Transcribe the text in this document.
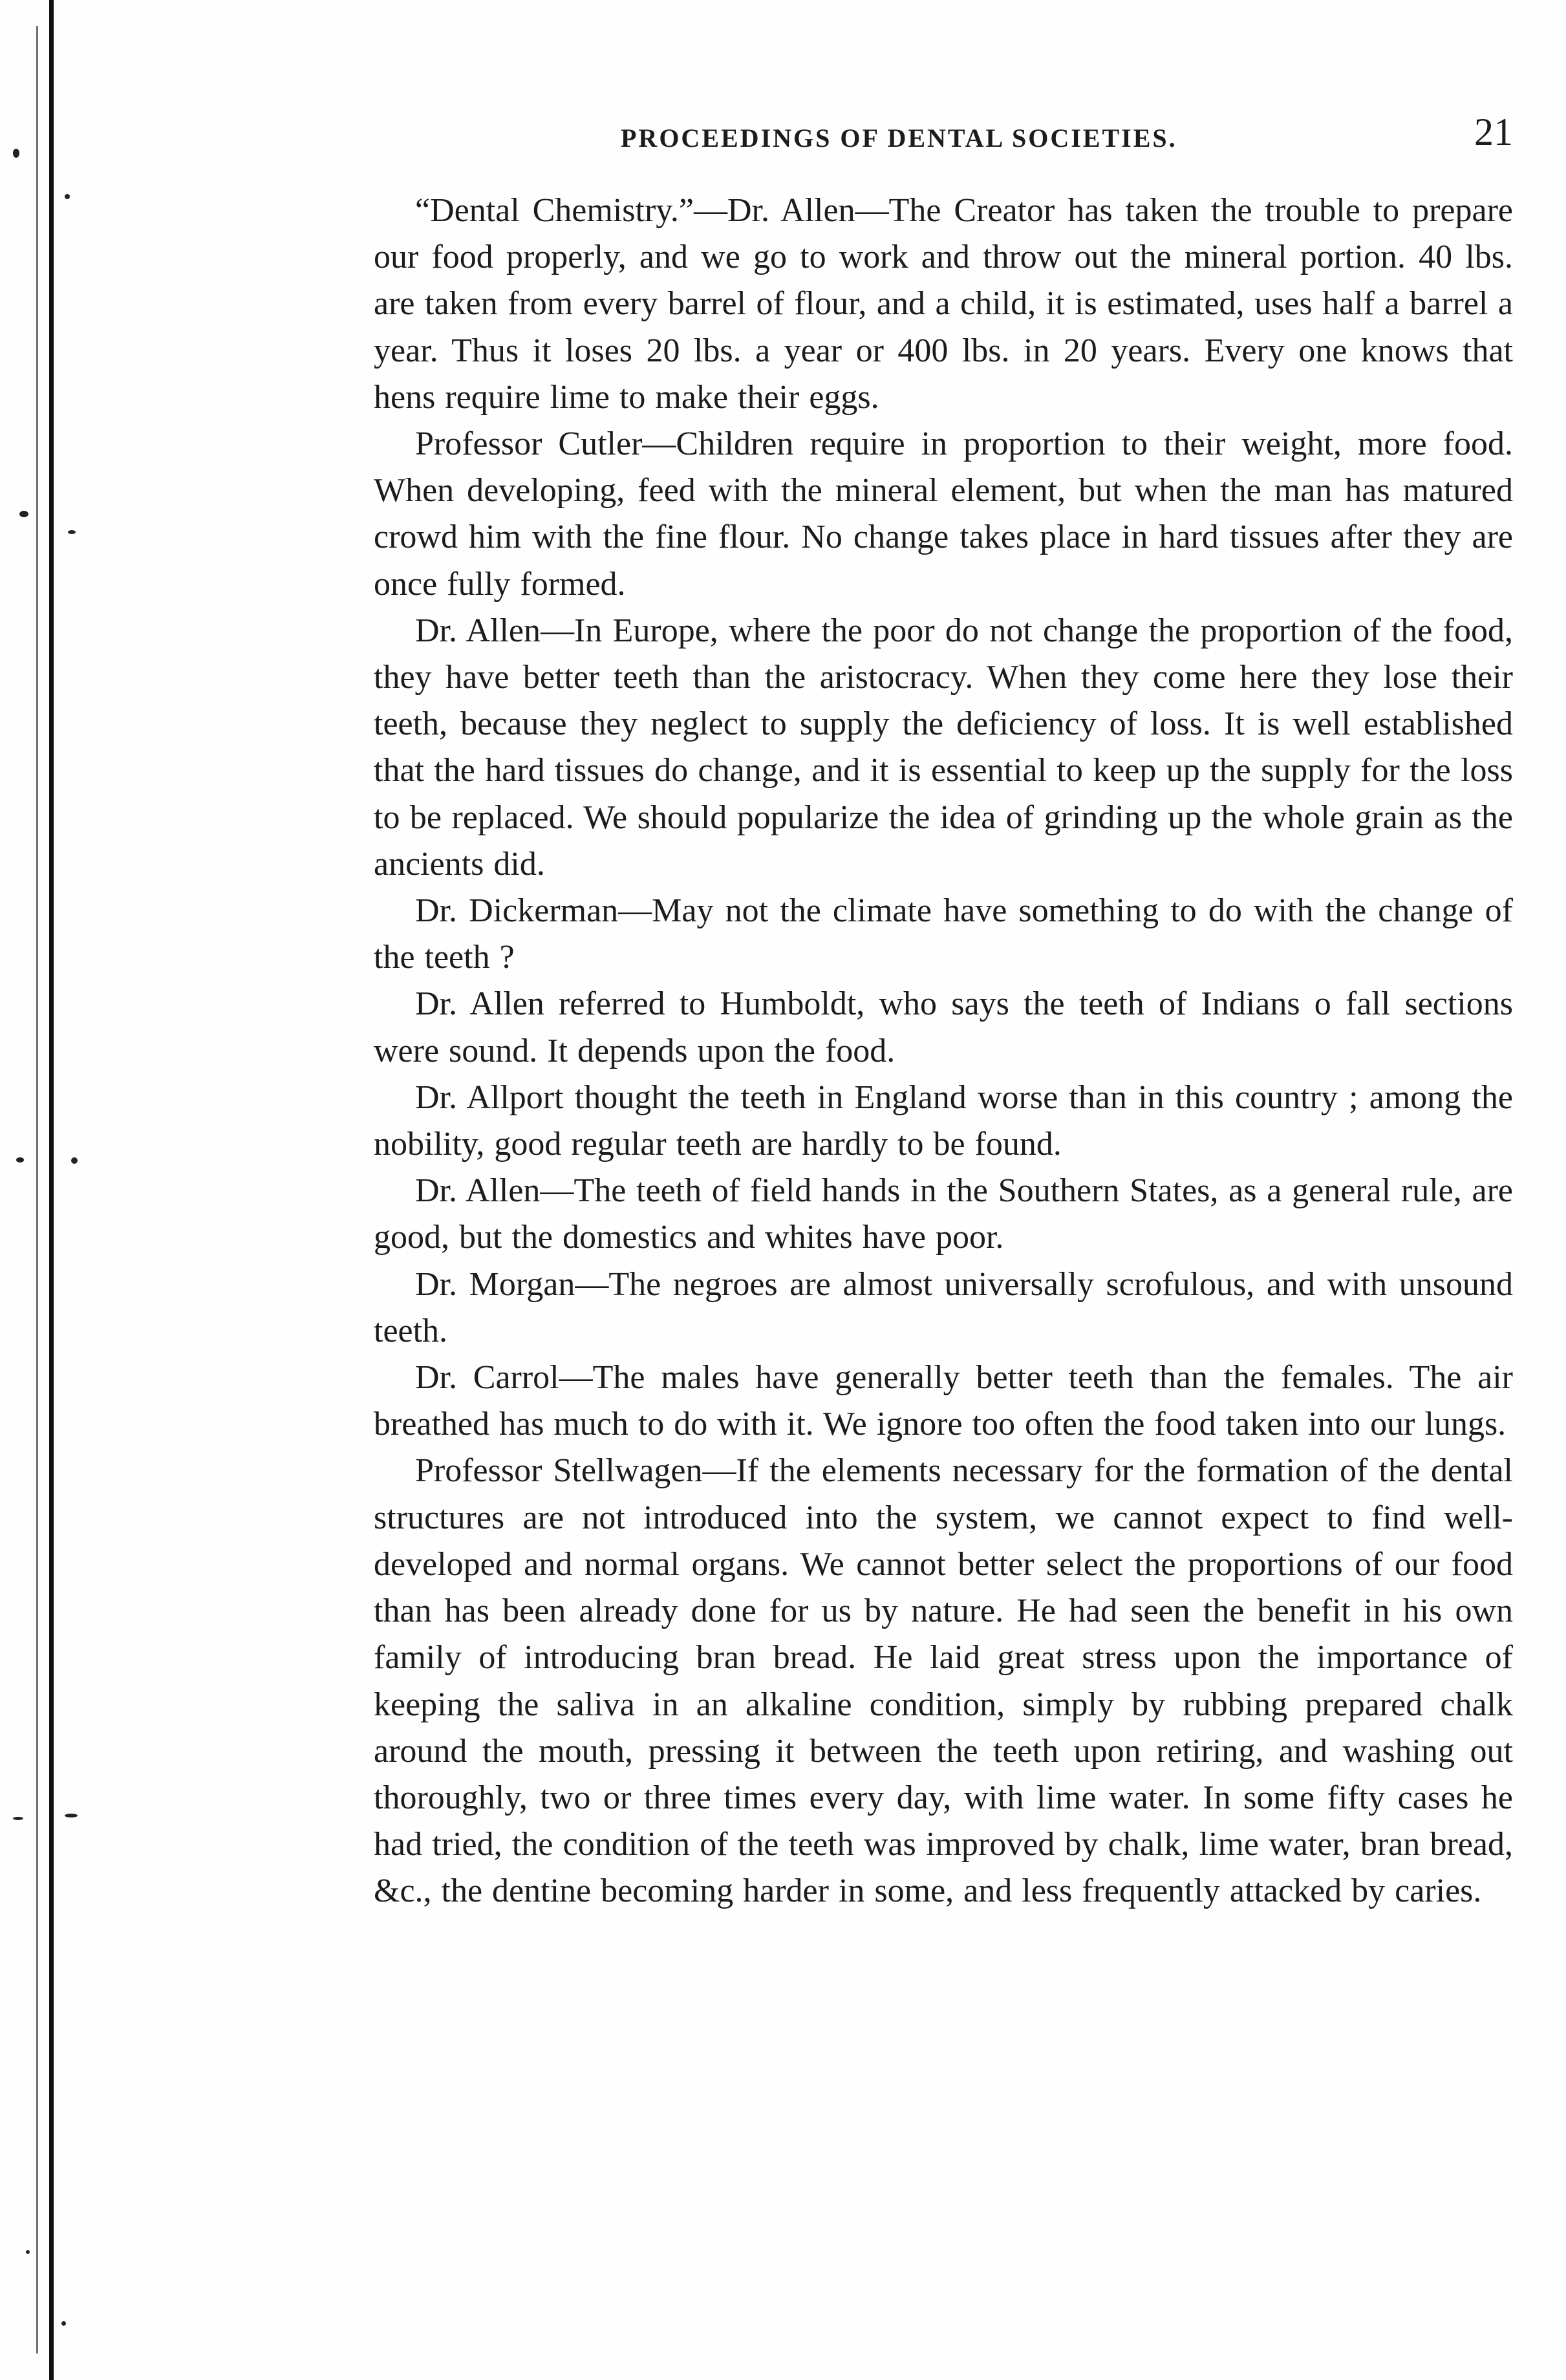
PROCEEDINGS OF DENTAL SOCIETIES.	21

“Dental Chemistry.”—Dr. Allen—The Creator has taken the trouble to prepare our food properly, and we go to work and throw out the mineral portion. 40 lbs. are taken from every barrel of flour, and a child, it is estimated, uses half a barrel a year. Thus it loses 20 lbs. a year or 400 lbs. in 20 years. Every one knows that hens require lime to make their eggs.

Professor Cutler—Children require in proportion to their weight, more food. When developing, feed with the mineral element, but when the man has matured crowd him with the fine flour. No change takes place in hard tissues after they are once fully formed.

Dr. Allen—In Europe, where the poor do not change the proportion of the food, they have better teeth than the aristocracy. When they come here they lose their teeth, because they neglect to supply the deficiency of loss. It is well established that the hard tissues do change, and it is essential to keep up the supply for the loss to be replaced. We should popularize the idea of grinding up the whole grain as the ancients did.

Dr. Dickerman—May not the climate have something to do with the change of the teeth ?

Dr. Allen referred to Humboldt, who says the teeth of Indians o fall sections were sound. It depends upon the food.

Dr. Allport thought the teeth in England worse than in this country ; among the nobility, good regular teeth are hardly to be found.

Dr. Allen—The teeth of field hands in the Southern States, as a general rule, are good, but the domestics and whites have poor.

Dr. Morgan—The negroes are almost universally scrofulous, and with unsound teeth.

Dr. Carrol—The males have generally better teeth than the females. The air breathed has much to do with it. We ignore too often the food taken into our lungs.

Professor Stellwagen—If the elements necessary for the formation of the dental structures are not introduced into the system, we cannot expect to find well-developed and normal organs. We cannot better select the proportions of our food than has been already done for us by nature. He had seen the benefit in his own family of introducing bran bread. He laid great stress upon the importance of keeping the saliva in an alkaline condition, simply by rubbing prepared chalk around the mouth, pressing it between the teeth upon retiring, and washing out thoroughly, two or three times every day, with lime water. In some fifty cases he had tried, the condition of the teeth was improved by chalk, lime water, bran bread, &c., the dentine becoming harder in some, and less frequently attacked by caries.
